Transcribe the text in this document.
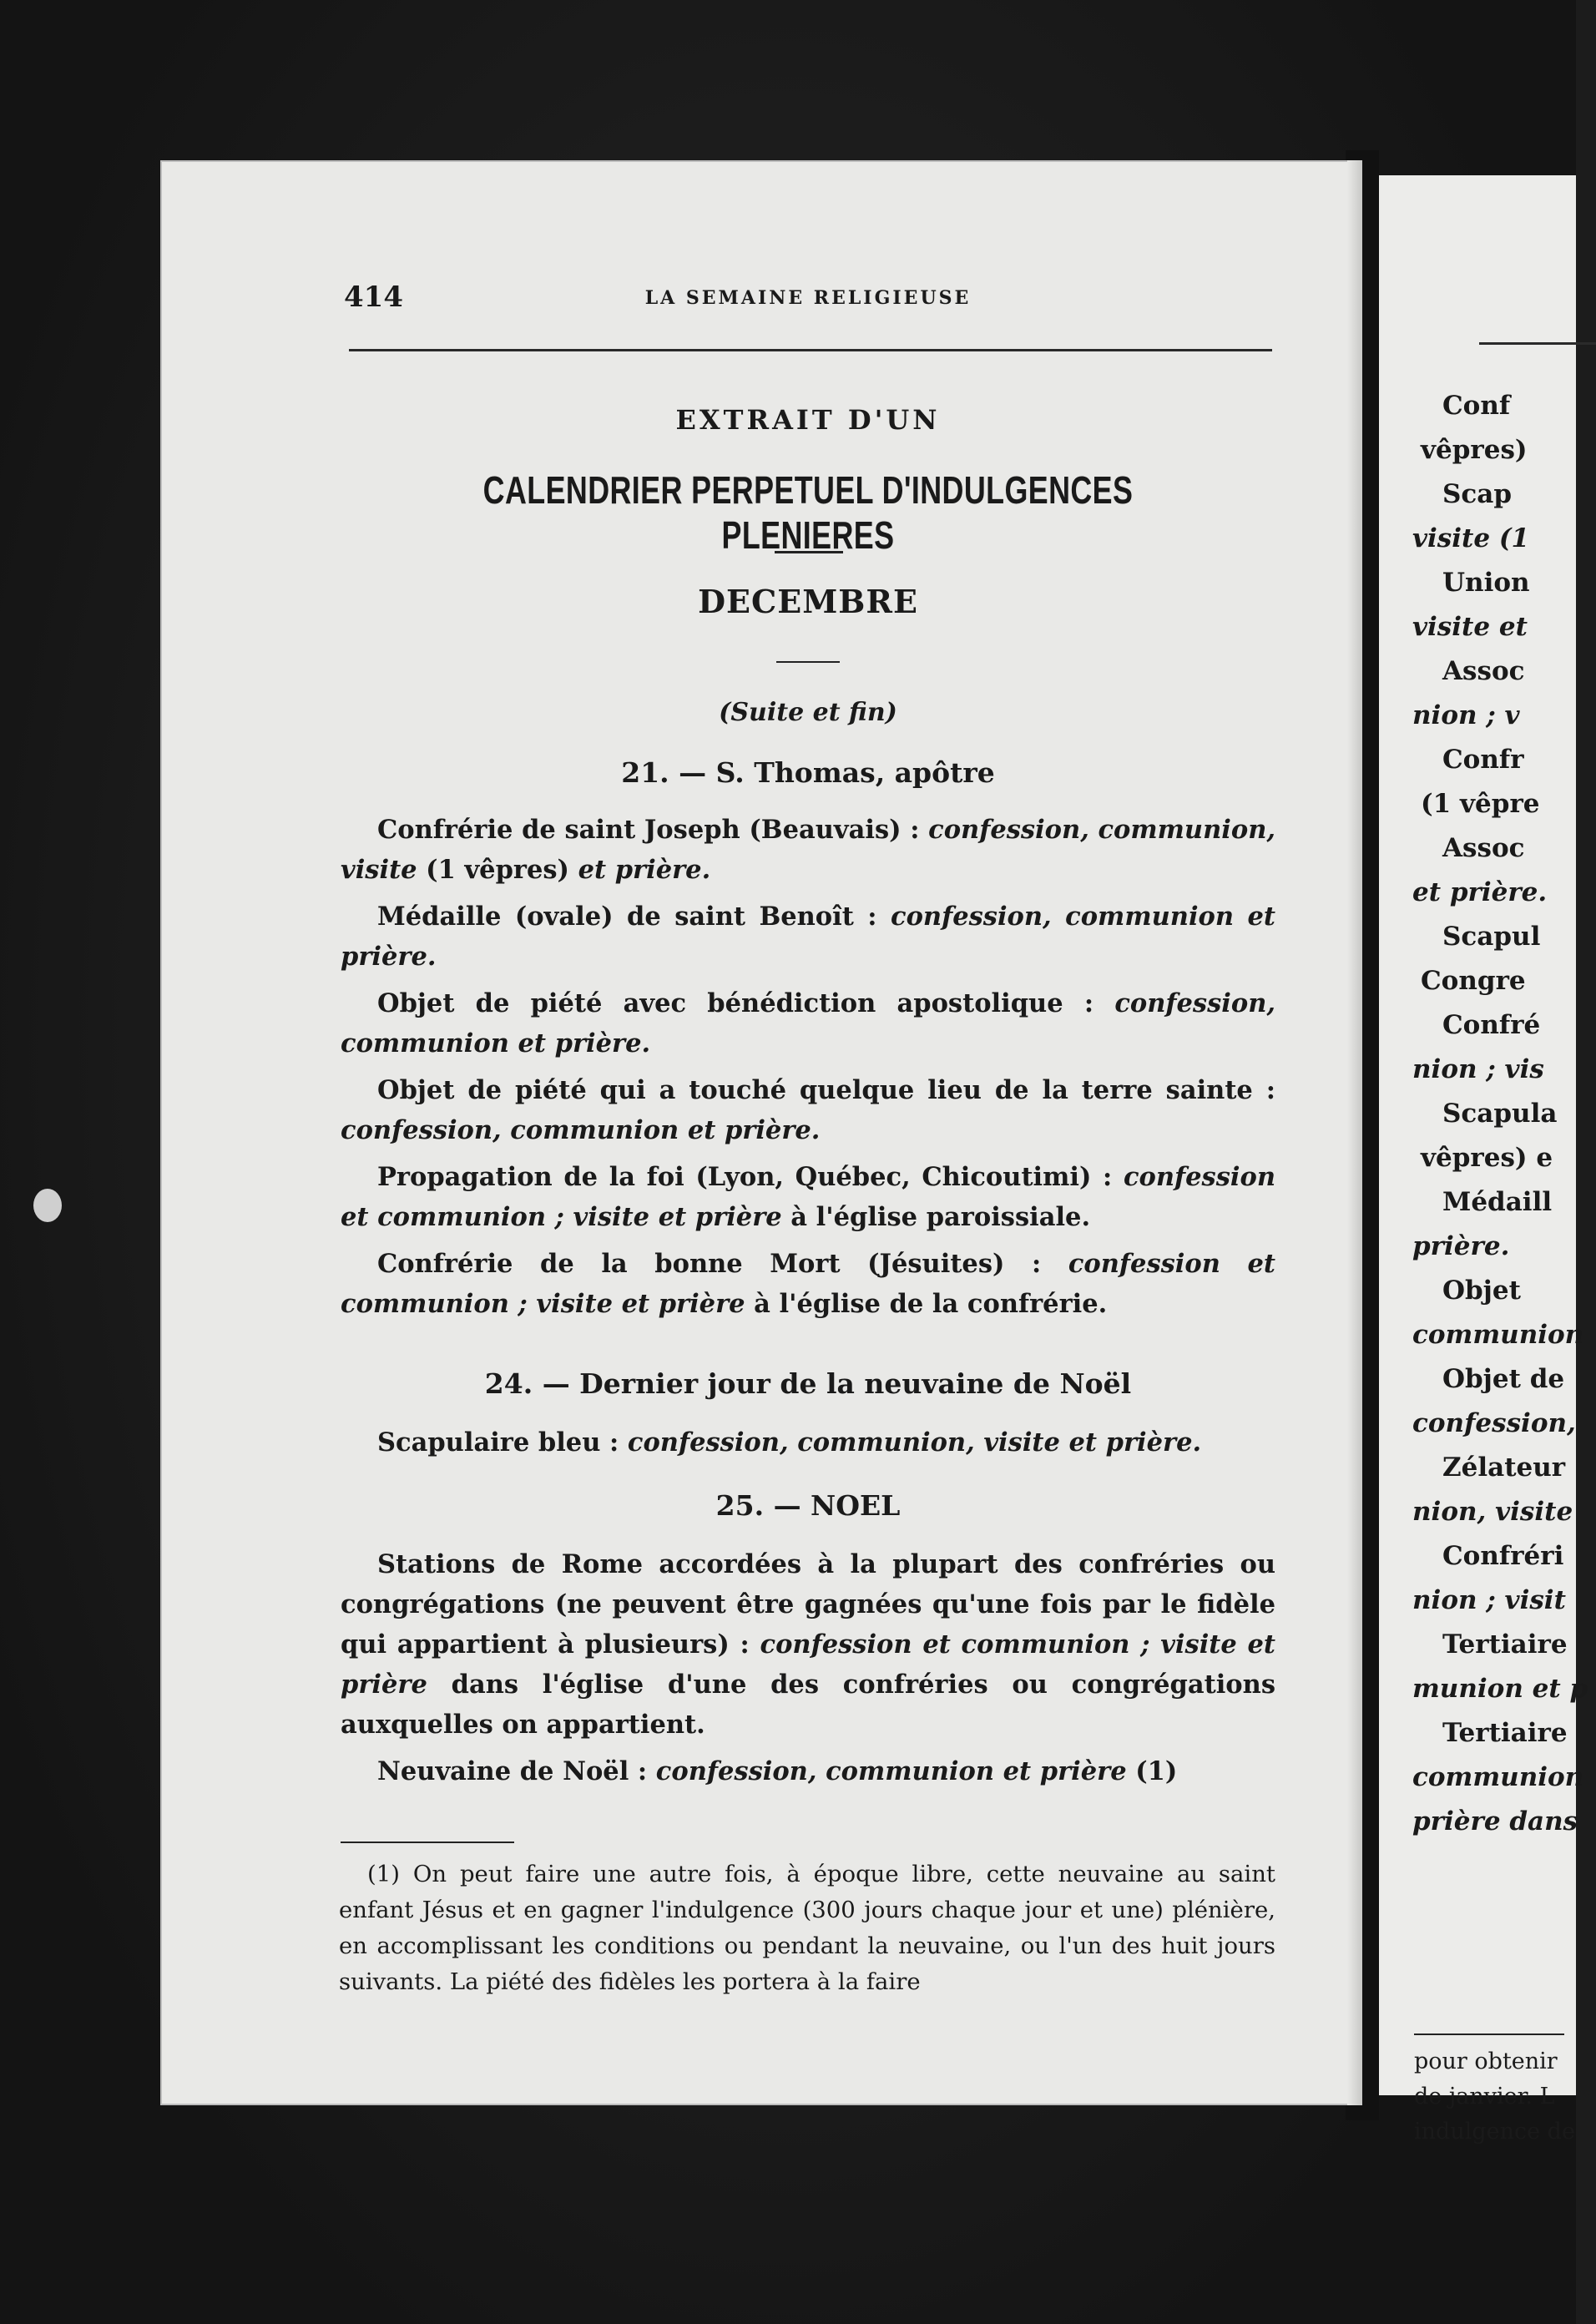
414	LA SEMAINE RELIGIEUSE
EXTRAIT D'UN
CALENDRIER PERPETUEL D'INDULGENCES PLENIERES
DECEMBRE
(Suite et fin)
21. — S. Thomas, apôtre

Confrérie de saint Joseph (Beauvais) : confession, communion, visite (1 vêpres) et prière.

Médaille (ovale) de saint Benoît : confession, communion et prière.

Objet de piété avec bénédiction apostolique : confession, communion et prière.

Objet de piété qui a touché quelque lieu de la terre sainte : confession, communion et prière.

Propagation de la foi (Lyon, Québec, Chicoutimi) : confession et communion ; visite et prière à l'église paroissiale.

Confrérie de la bonne Mort (Jésuites) : confession et communion ; visite et prière à l'église de la confrérie.

24. — Dernier jour de la neuvaine de Noël

Scapulaire bleu : confession, communion, visite et prière.

25. — NOEL

Stations de Rome accordées à la plupart des confréries ou congrégations (ne peuvent être gagnées qu'une fois par le fidèle qui appartient à plusieurs) : confession et communion ; visite et prière dans l'église d'une des confréries ou congrégations auxquelles on appartient.

Neuvaine de Noël : confession, communion et prière (1)

(1) On peut faire une autre fois, à époque libre, cette neuvaine au saint enfant Jésus et en gagner l'indulgence (300 jours chaque jour et une) plénière, en accomplissant les conditions ou pendant la neuvaine, ou l'un des huit jours suivants. La piété des fidèles les portera à la faire

Conf
vêpres)
Scap
visite (1
Union
visite et
Assoc
nion ; v
Confr
(1 vêpre
Assoc
et prière.
Scapul
Congre
Confré
nion ; vis
Scapula
vêpres) e
Médaill
prière.
Objet
communion
Objet de
confession,
Zélateur
nion, visite
Confréri
nion ; visit
Tertiaire
munion et p
Tertiaire
communion
prière dans
pour obtenir
de janvier. L
indulgence de
